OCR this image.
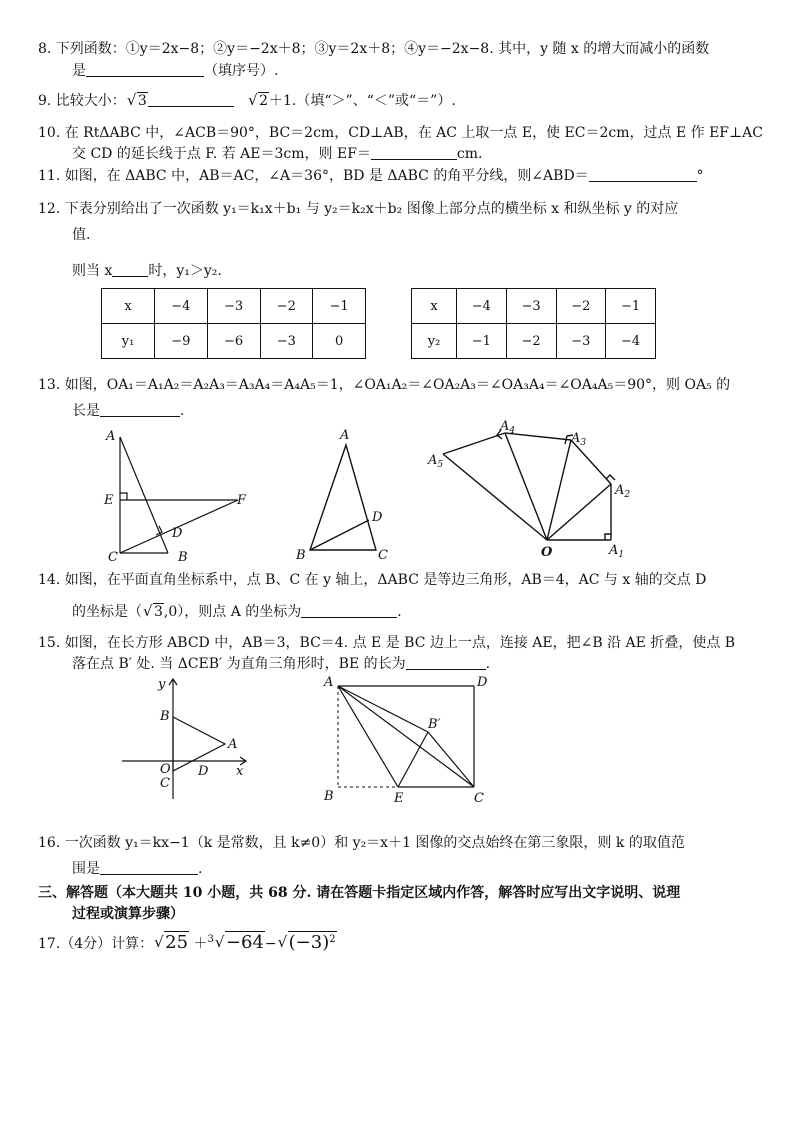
8. 下列函数：①y＝2x−8；②y＝−2x＋8；③y＝2x＋8；④y＝−2x−8. 其中，y 随 x 的增大而减小的函数
是	（填序号）.
9. 比较大小： √ 3	√ 2＋1.（填“＞”、“＜”或“＝”）.
10. 在 RtΔABC 中，∠ACB＝90°，BC＝2cm，CD⊥AB，在 AC 上取一点 E，使 EC＝2cm，过点 E 作 EF⊥AC
交 CD 的延长线于点 F. 若 AE＝3cm，则 EF＝	cm.
11. 如图，在 ΔABC 中，AB＝AC，∠A＝36°，BD 是 ΔABC 的角平分线，则∠ABD＝	°
12. 下表分别给出了一次函数 y₁＝k₁x＋b₁ 与 y₂＝k₂x＋b₂ 图像上部分点的横坐标 x 和纵坐标 y 的对应
值.
则当 x	时，y₁＞y₂.
x	−4	−3	−2	−1
y₁	−9	−6	−3	0
x	−4	−3	−2	−1
y₂	−1	−2	−3	−4
13. 如图，OA₁＝A₁A₂＝A₂A₃＝A₃A₄＝A₄A₅＝1，∠OA₁A₂＝∠OA₂A₃＝∠OA₃A₄＝∠OA₄A₅＝90°，则 OA₅ 的
长是	.
A
E	F
D
C	B
A
D
B	C
$A_5$
$A_4$	$A_3$
$A_2$
$A_1$
O
14. 如图，在平面直角坐标系中，点 B、C 在 y 轴上，ΔABC 是等边三角形，AB＝4，AC 与 x 轴的交点 D
的坐标是（ √ 3,0），则点 A 的坐标为	.
15. 如图，在长方形 ABCD 中，AB＝3，BC＝4. 点 E 是 BC 边上一点，连接 AE，把∠B 沿 AE 折叠，使点 B
落在点 B′ 处. 当 ΔCEB′ 为直角三角形时，BE 的长为	.
y
x
B
A
O D
C
A	D
B′
B	E	C
16. 一次函数 y₁＝kx−1（k 是常数，且 k≠0）和 y₂＝x＋1 图像的交点始终在第三象限，则 k 的取值范
围是	.
三、解答题（本大题共 10 小题，共 68 分. 请在答题卡指定区域内作答，解答时应写出文字说明、说理
过程或演算步骤）
17.（4分）计算： √ 25 ＋$^3$ √ −64− √ $(-3)^2$
